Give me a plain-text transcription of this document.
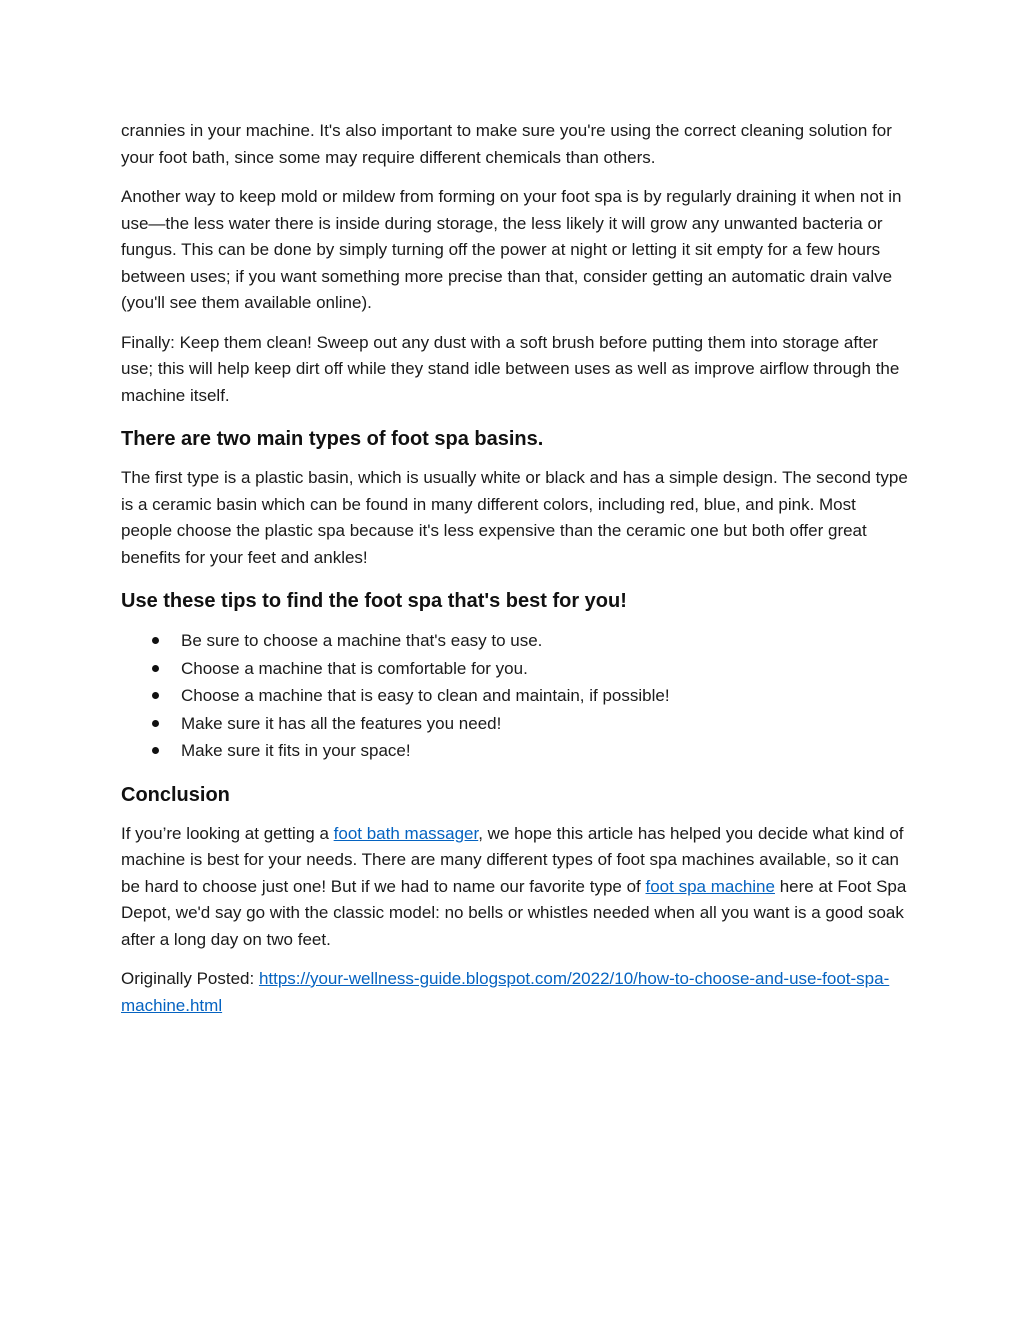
crannies in your machine. It's also important to make sure you're using the correct cleaning solution for your foot bath, since some may require different chemicals than others.

Another way to keep mold or mildew from forming on your foot spa is by regularly draining it when not in use—the less water there is inside during storage, the less likely it will grow any unwanted bacteria or fungus. This can be done by simply turning off the power at night or letting it sit empty for a few hours between uses; if you want something more precise than that, consider getting an automatic drain valve (you'll see them available online).

Finally: Keep them clean! Sweep out any dust with a soft brush before putting them into storage after use; this will help keep dirt off while they stand idle between uses as well as improve airflow through the machine itself.

There are two main types of foot spa basins.

The first type is a plastic basin, which is usually white or black and has a simple design. The second type is a ceramic basin which can be found in many different colors, including red, blue, and pink. Most people choose the plastic spa because it's less expensive than the ceramic one but both offer great benefits for your feet and ankles!

Use these tips to find the foot spa that's best for you!
Be sure to choose a machine that's easy to use.
Choose a machine that is comfortable for you.
Choose a machine that is easy to clean and maintain, if possible!
Make sure it has all the features you need!
Make sure it fits in your space!
Conclusion

If you’re looking at getting a foot bath massager, we hope this article has helped you decide what kind of machine is best for your needs. There are many different types of foot spa machines available, so it can be hard to choose just one! But if we had to name our favorite type of foot spa machine here at Foot Spa Depot, we'd say go with the classic model: no bells or whistles needed when all you want is a good soak after a long day on two feet.

Originally Posted: https://your-wellness-guide.blogspot.com/2022/10/how-to-choose-and-use-foot-spa-machine.html
